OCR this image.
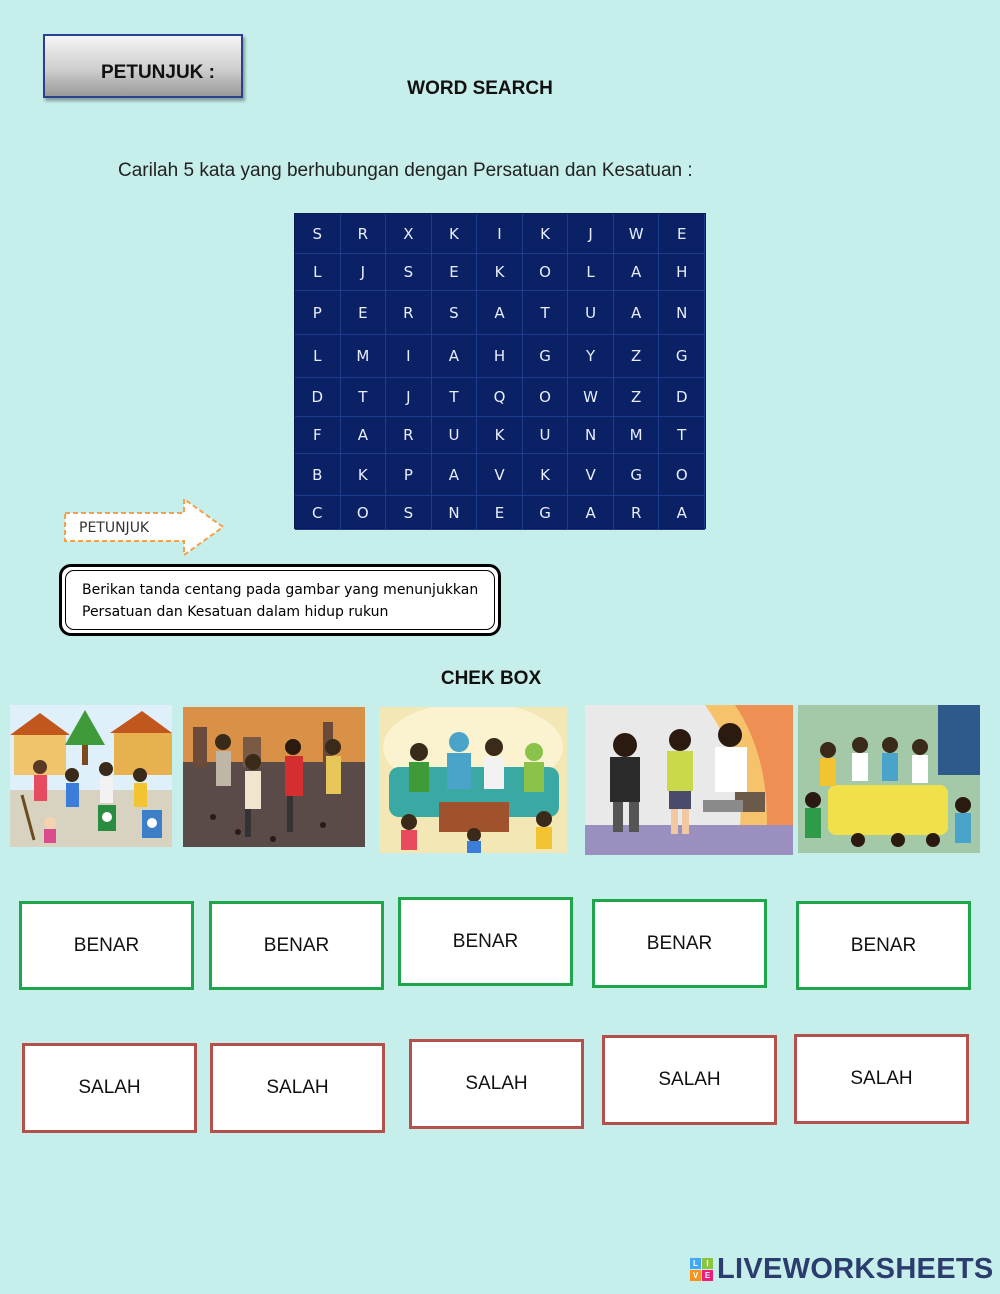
PETUNJUK :
WORD SEARCH
Carilah 5 kata yang berhubungan dengan Persatuan dan Kesatuan :
S	R	X	K	I	K	J	W	E
L	J	S	E	K	O	L	A	H
P	E	R	S	A	T	U	A	N
L	M	I	A	H	G	Y	Z	G
D	T	J	T	Q	O	W	Z	D
F	A	R	U	K	U	N	M	T
B	K	P	A	V	K	V	G	O
C	O	S	N	E	G	A	R	A
PETUNJUK
Berikan tanda centang pada gambar yang menunjukkan
Persatuan dan Kesatuan dalam hidup rukun
CHEK BOX
BENAR	BENAR	BENAR	BENAR	BENAR
SALAH	SALAH	SALAH	SALAH	SALAH
L	I
V E LIVEWORKSHEETS
